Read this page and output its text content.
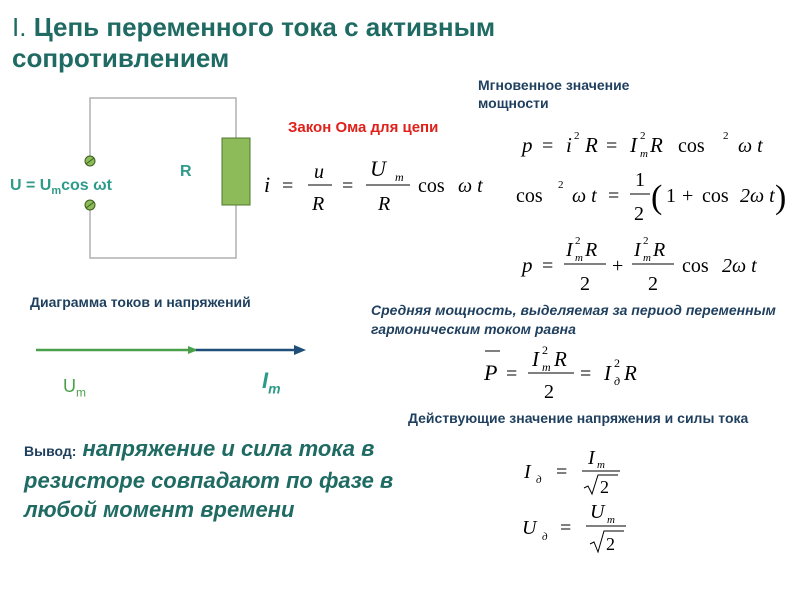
I. Цепь переменного тока с активным сопротивлением
$U = U_m\cos$ ωt
R
Закон Ома для цепи
i =
u
R
=
U m
R
cos ω t
Мгновенное значение мощности
p = i 2 R = I 2
m R cos 2 ω t
cos 2 ω t =
1
2 ( 1 + cos 2ω t )
p =
I 2
m R
2
+
I 2
m R
2
cos 2ω t
Диаграмма токов и напряжений
$U_m$	$I_m$
Средняя мощность, выделяемая за период переменным гармоническим током равна
P =
I 2
m R
2
= I 2
д R
Действующие значение напряжения и силы тока
I д =
I m
2
U д =
U m
2
Вывод: напряжение и сила тока в резисторе совпадают по фазе в любой момент времени
